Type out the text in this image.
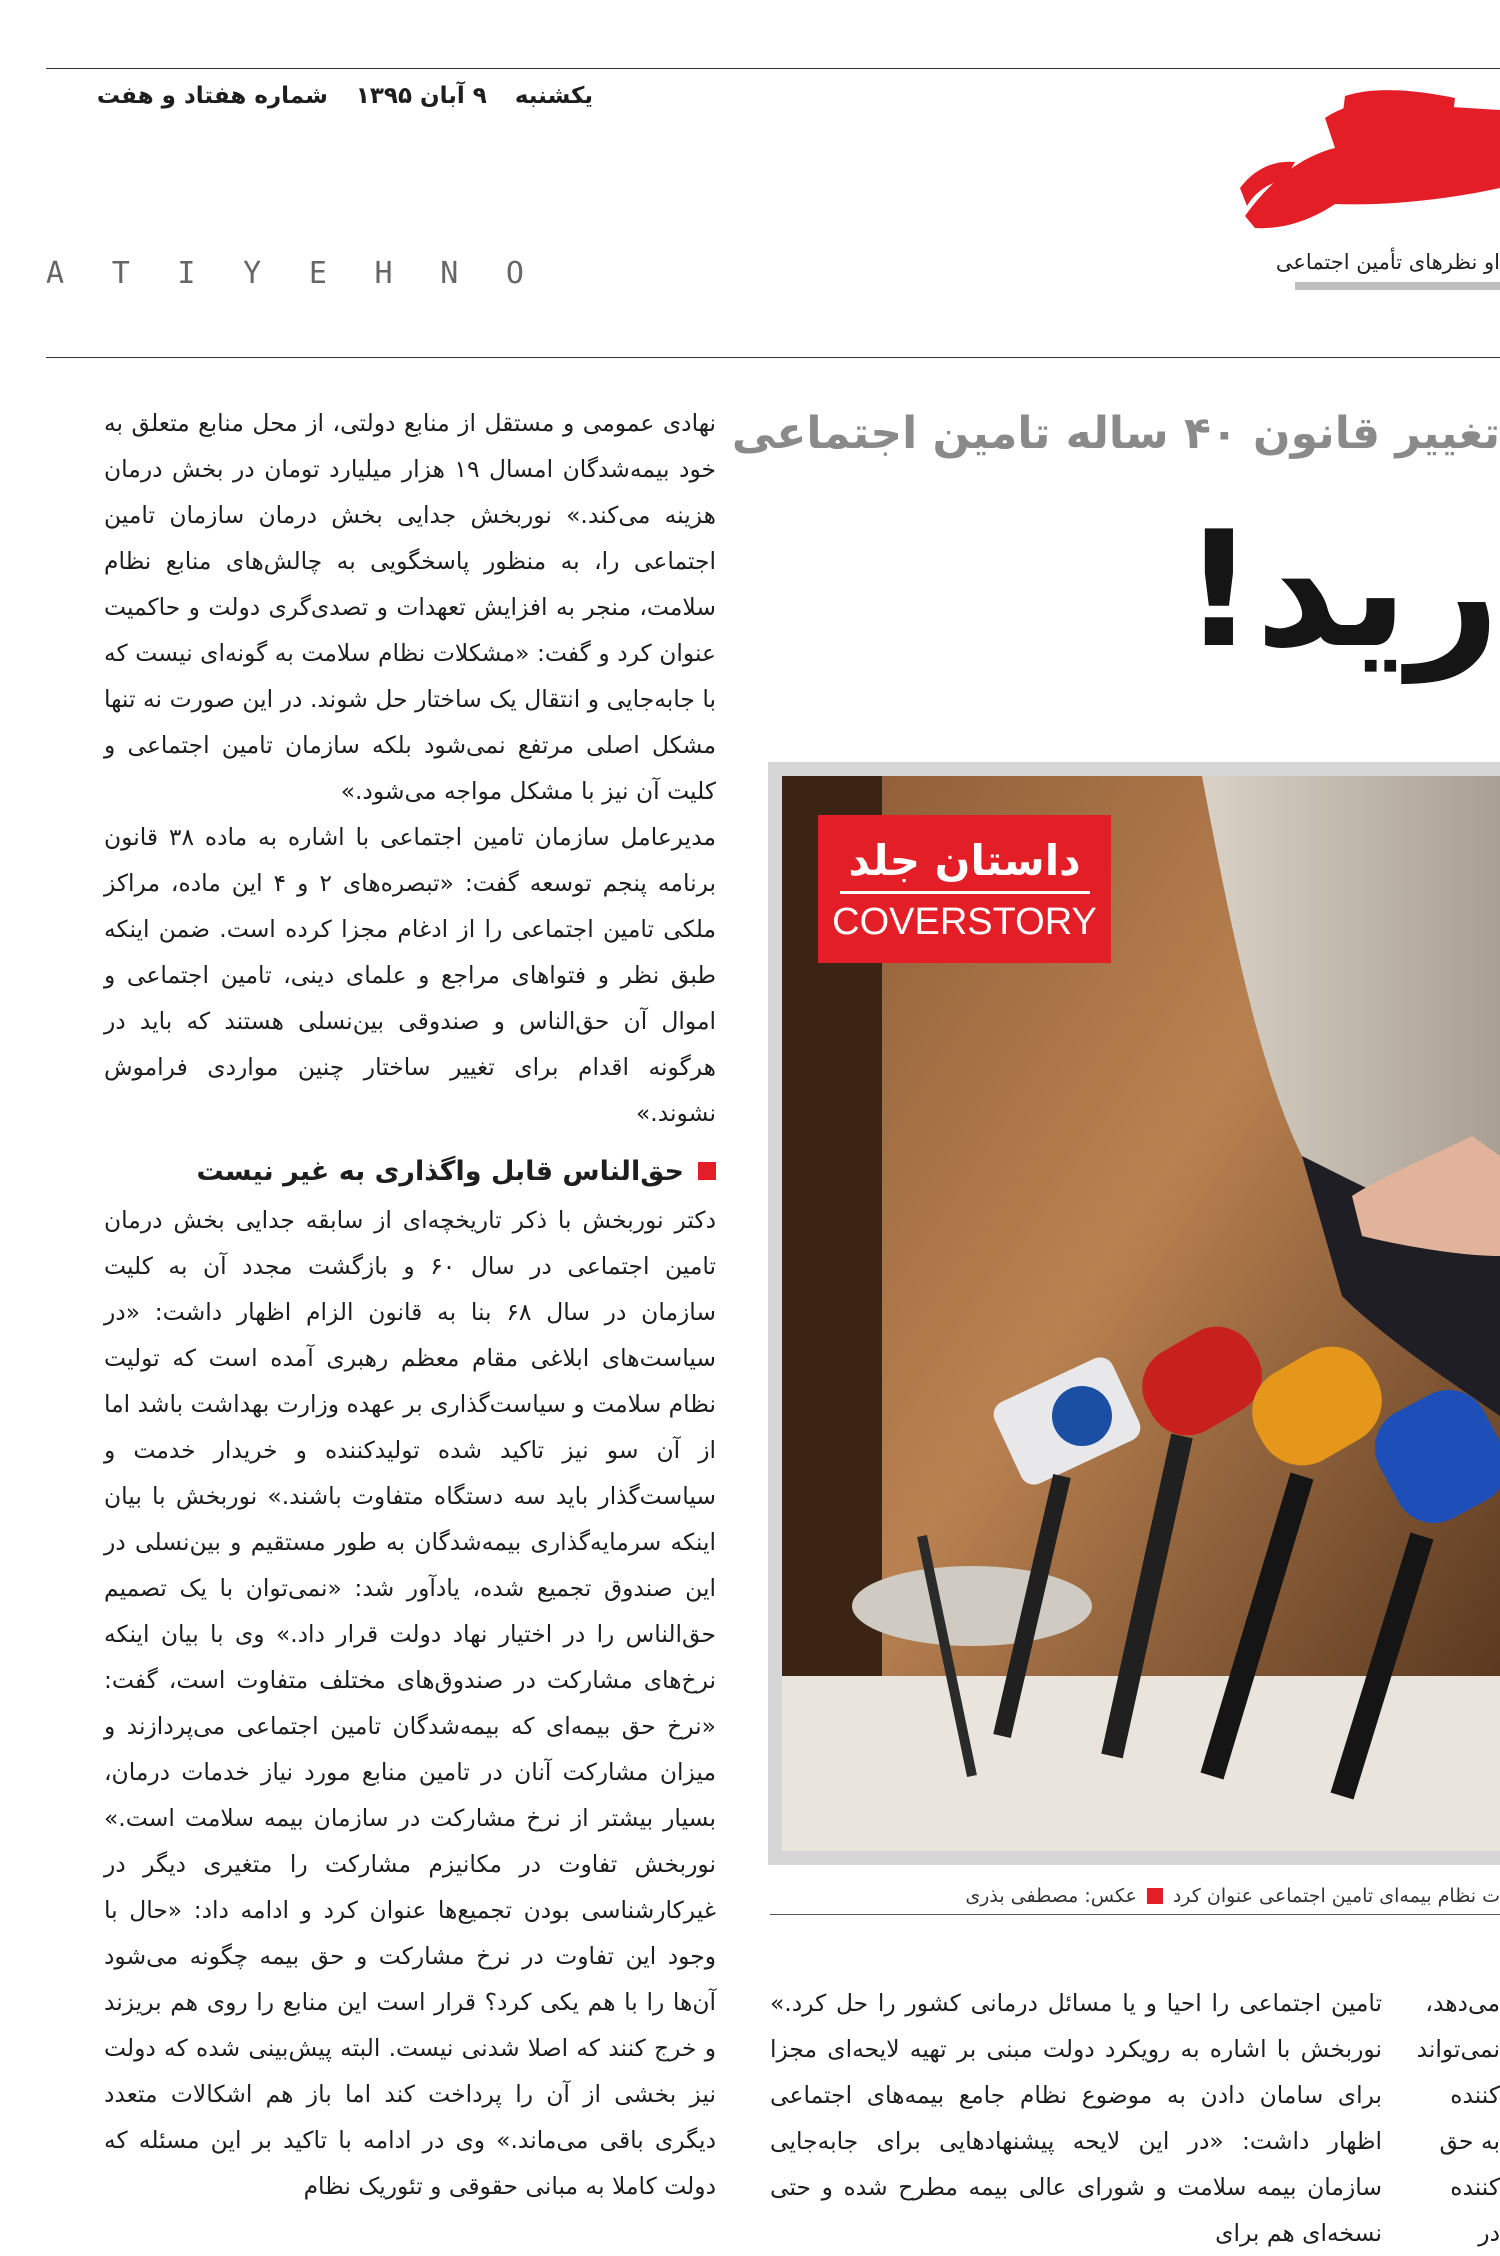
یکشنبه
۹ آبان ۱۳۹۵
شماره هفتاد و هفت
او نظرهای تأمین اجتماعی
A T I Y E H N O
تغییر قانون ۴۰ ساله تامین اجتماعی
رید!
داستان جلد
COVERSTORY
ت نظام بیمه‌ای تامین اجتماعی عنوان کرد
عکس: مصطفی بذری

نهادی عمومی و مستقل از منابع دولتی، از محل منابع متعلق به خود بیمه‌شدگان امسال ۱۹ هزار میلیارد تومان در بخش درمان هزینه می‌کند.» نوربخش جدایی بخش درمان سازمان تامین اجتماعی را، به منظور پاسخگویی به چالش‌های منابع نظام سلامت، منجر به افزایش تعهدات و تصدی‌گری دولت و حاکمیت عنوان کرد و گفت: «مشکلات نظام سلامت به گونه‌ای نیست که با جابه‌جایی و انتقال یک ساختار حل شوند. در این صورت نه تنها مشکل اصلی مرتفع نمی‌شود بلکه سازمان تامین اجتماعی و کلیت آن نیز با مشکل مواجه می‌شود.»

مدیرعامل سازمان تامین اجتماعی با اشاره به ماده ۳۸ قانون برنامه پنجم توسعه گفت: «تبصره‌های ۲ و ۴ این ماده، مراکز ملکی تامین اجتماعی را از ادغام مجزا کرده است. ضمن اینکه طبق نظر و فتواهای مراجع و علمای دینی، تامین اجتماعی و اموال آن حق‌الناس و صندوقی بین‌نسلی هستند که باید در هرگونه اقدام برای تغییر ساختار چنین مواردی فراموش نشوند.»

حق‌الناس قابل واگذاری به غیر نیست

دکتر نوربخش با ذکر تاریخچه‌ای از سابقه جدایی بخش درمان تامین اجتماعی در سال ۶۰ و بازگشت مجدد آن به کلیت سازمان در سال ۶۸ بنا به قانون الزام اظهار داشت: «در سیاست‌های ابلاغی مقام معظم رهبری آمده است که تولیت نظام سلامت و سیاست‌گذاری بر عهده وزارت بهداشت باشد اما از آن سو نیز تاکید شده تولیدکننده و خریدار خدمت و سیاست‌گذار باید سه دستگاه متفاوت باشند.» نوربخش با بیان اینکه سرمایه‌گذاری بیمه‌شدگان به طور مستقیم و بین‌نسلی در این صندوق تجمیع شده، یادآور شد: «نمی‌توان با یک تصمیم حق‌الناس را در اختیار نهاد دولت قرار داد.» وی با بیان اینکه نرخ‌های مشارکت در صندوق‌های مختلف متفاوت است، گفت: «نرخ حق بیمه‌ای که بیمه‌شدگان تامین اجتماعی می‌پردازند و میزان مشارکت آنان در تامین منابع مورد نیاز خدمات درمان، بسیار بیشتر از نرخ مشارکت در سازمان بیمه سلامت است.» نوربخش تفاوت در مکانیزم مشارکت را متغیری دیگر در غیرکارشناسی بودن تجمیع‌ها عنوان کرد و ادامه داد: «حال با وجود این تفاوت در نرخ مشارکت و حق بیمه چگونه می‌شود آن‌ها را با هم یکی کرد؟ قرار است این منابع را روی هم بریزند و خرج کنند که اصلا شدنی نیست. البته پیش‌بینی شده که دولت نیز بخشی از آن را پرداخت کند اما باز هم اشکالات متعدد دیگری باقی می‌ماند.» وی در ادامه با تاکید بر این مسئله که دولت کاملا به مبانی حقوقی و تئوریک نظام

تامین اجتماعی را احیا و یا مسائل درمانی کشور را حل کرد.» نوربخش با اشاره به رویکرد دولت مبنی بر تهیه لایحه‌ای مجزا برای سامان دادن به موضوع نظام جامع بیمه‌های اجتماعی اظهار داشت: «در این لایحه پیشنهادهایی برای جابه‌جایی سازمان بیمه سلامت و شورای عالی بیمه مطرح شده و حتی نسخه‌ای هم برای

می‌دهد، نمی‌تواند کننده به حق کننده در
